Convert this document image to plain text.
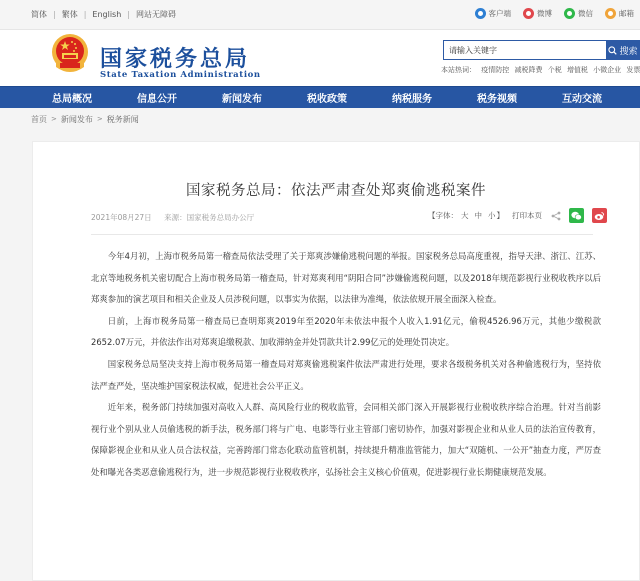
简体 | 繁体 | English | 网站无障碍	客户端	微博	微信	邮箱
国家税务总局
State Taxation Administration
请输入关键字
搜索
本站热词： 疫情防控 减税降费 个税 增值税 小微企业 发票
总局概况	信息公开	新闻发布	税收政策	纳税服务	税务视频	互动交流
首页 > 新闻发布 > 税务新闻
国家税务总局：依法严肃查处郑爽偷逃税案件
2021年08月27日 来源：国家税务总局办公厅	【字体： 大 中 小 】 打印本页

今年4月初，上海市税务局第一稽查局依法受理了关于郑爽涉嫌偷逃税问题的举报。国家税务总局高度重视，指导天津、浙江、江苏、北京等地税务机关密切配合上海市税务局第一稽查局，针对郑爽利用“阴阳合同”涉嫌偷逃税问题，以及2018年规范影视行业税收秩序以后郑爽参加的演艺项目和相关企业及人员涉税问题，以事实为依据，以法律为准绳，依法依规开展全面深入检查。

日前，上海市税务局第一稽查局已查明郑爽2019年至2020年未依法申报个人收入1.91亿元，偷税4526.96万元，其他少缴税款2652.07万元，并依法作出对郑爽追缴税款、加收滞纳金并处罚款共计2.99亿元的处理处罚决定。

国家税务总局坚决支持上海市税务局第一稽查局对郑爽偷逃税案件依法严肃进行处理，要求各级税务机关对各种偷逃税行为，坚持依法严查严处，坚决维护国家税法权威，促进社会公平正义。

近年来，税务部门持续加强对高收入人群、高风险行业的税收监管，会同相关部门深入开展影视行业税收秩序综合治理。针对当前影视行业个别从业人员偷逃税的新手法，税务部门将与广电、电影等行业主管部门密切协作，加强对影视企业和从业人员的法治宣传教育，保障影视企业和从业人员合法权益，完善跨部门常态化联动监管机制，持续提升精准监管能力，加大“双随机、一公开”抽查力度，严厉查处和曝光各类恶意偷逃税行为，进一步规范影视行业税收秩序，弘扬社会主义核心价值观，促进影视行业长期健康规范发展。
